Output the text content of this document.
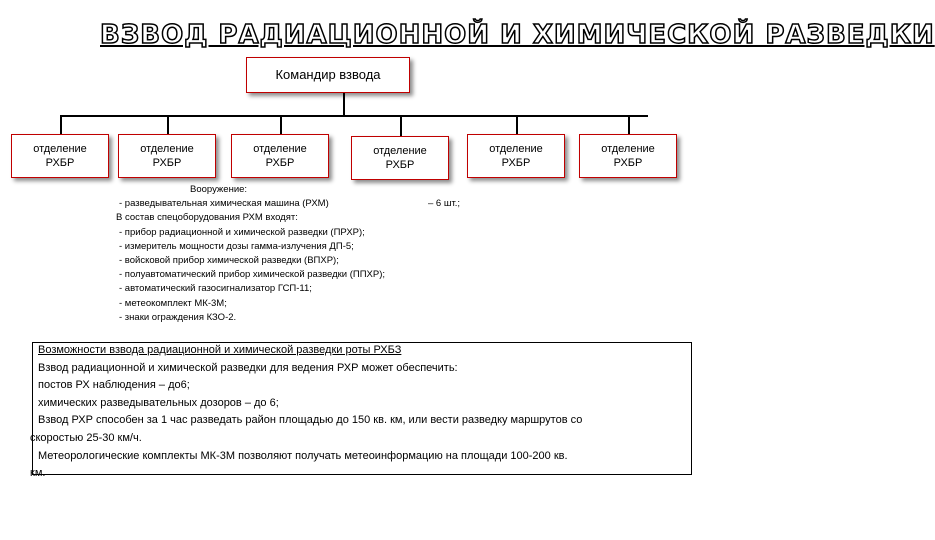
ВЗВОД РАДИАЦИОННОЙ И ХИМИЧЕСКОЙ РАЗВЕДКИ
Командир взвода
отделение
РХБР
отделение
РХБР
отделение
РХБР
отделение
РХБР
отделение
РХБР
отделение
РХБР
Вооружение:
- разведывательная химическая машина (РХМ)	– 6 шт.;
В состав спецоборудования РХМ входят:
- прибор радиационной и химической разведки (ПРХР);
- измеритель мощности дозы гамма-излучения ДП-5;
- войсковой прибор химической разведки (ВПХР);
- полуавтоматический прибор химической разведки (ППХР);
- автоматический газосигнализатор ГСП-11;
- метеокомплект МК-3М;
- знаки ограждения КЗО-2.
Возможности взвода радиационной и химической разведки роты РХБЗ
Взвод радиационной и химической разведки для ведения РХР может обеспечить:
постов РХ наблюдения – до6;
химических разведывательных дозоров – до 6;
Взвод РХР способен за 1 час разведать район площадью до 150 кв. км, или вести разведку маршрутов со
скоростью 25-30 км/ч.
Метеорологические комплекты МК-3М позволяют получать метеоинформацию на площади 100-200 кв.
км.
